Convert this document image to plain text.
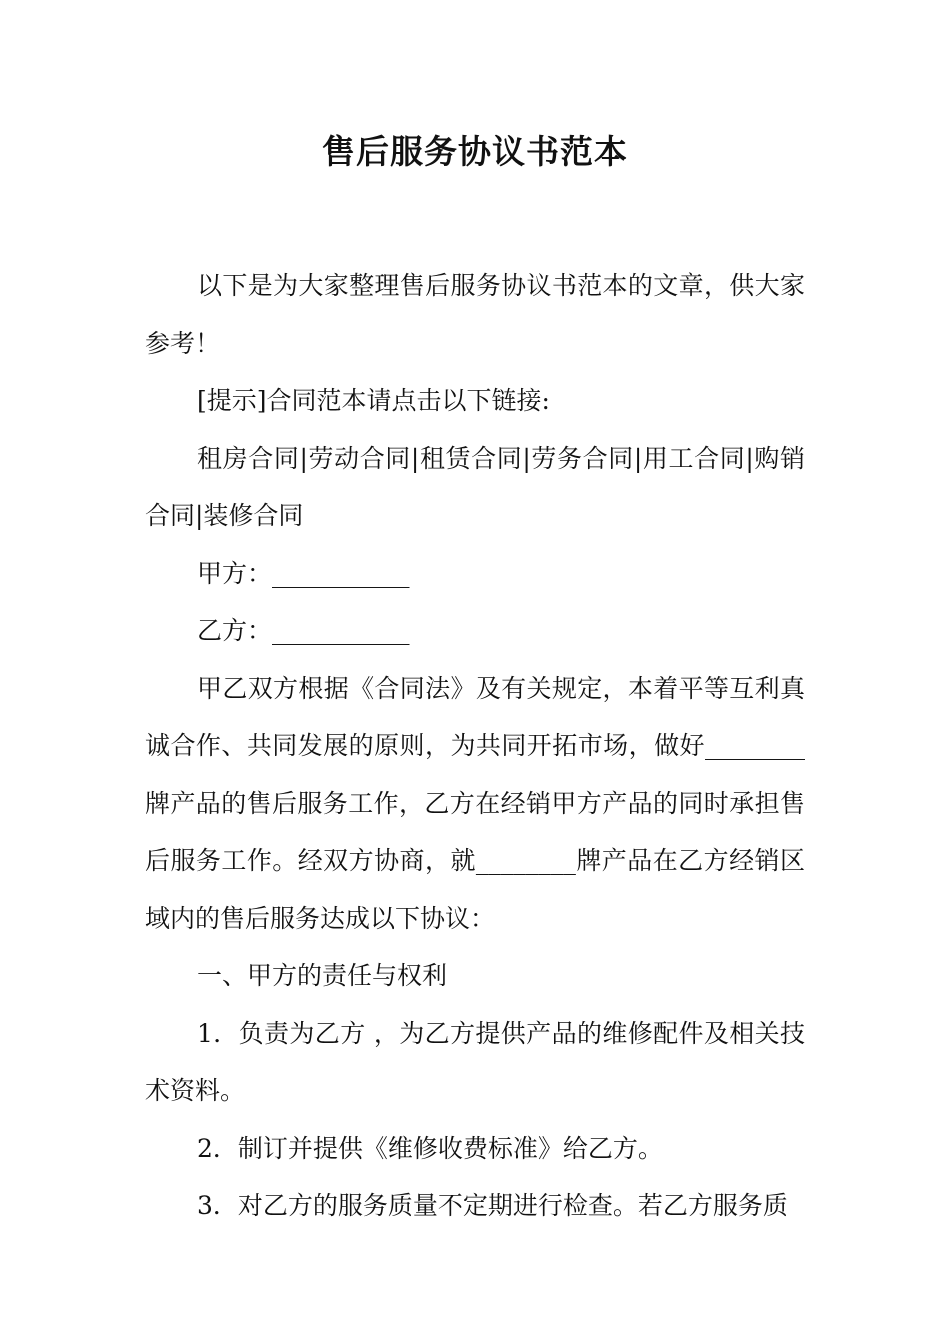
售后服务协议书范本

以下是为大家整理售后服务协议书范本的文章，供大家参考！

[提示]合同范本请点击以下链接:

租房合同|劳动合同|租赁合同|劳务合同|用工合同|购销合同|装修合同

甲方：___________

乙方：___________

甲乙双方根据《合同法》及有关规定，本着平等互利真诚合作、共同发展的原则，为共同开拓市场，做好________牌产品的售后服务工作，乙方在经销甲方产品的同时承担售后服务工作。经双方协商，就________牌产品在乙方经销区域内的售后服务达成以下协议：

一、甲方的责任与权利

1．负责为乙方 ，为乙方提供产品的维修配件及相关技术资料。

2．制订并提供《维修收费标准》给乙方。

3．对乙方的服务质量不定期进行检查。若乙方服务质
